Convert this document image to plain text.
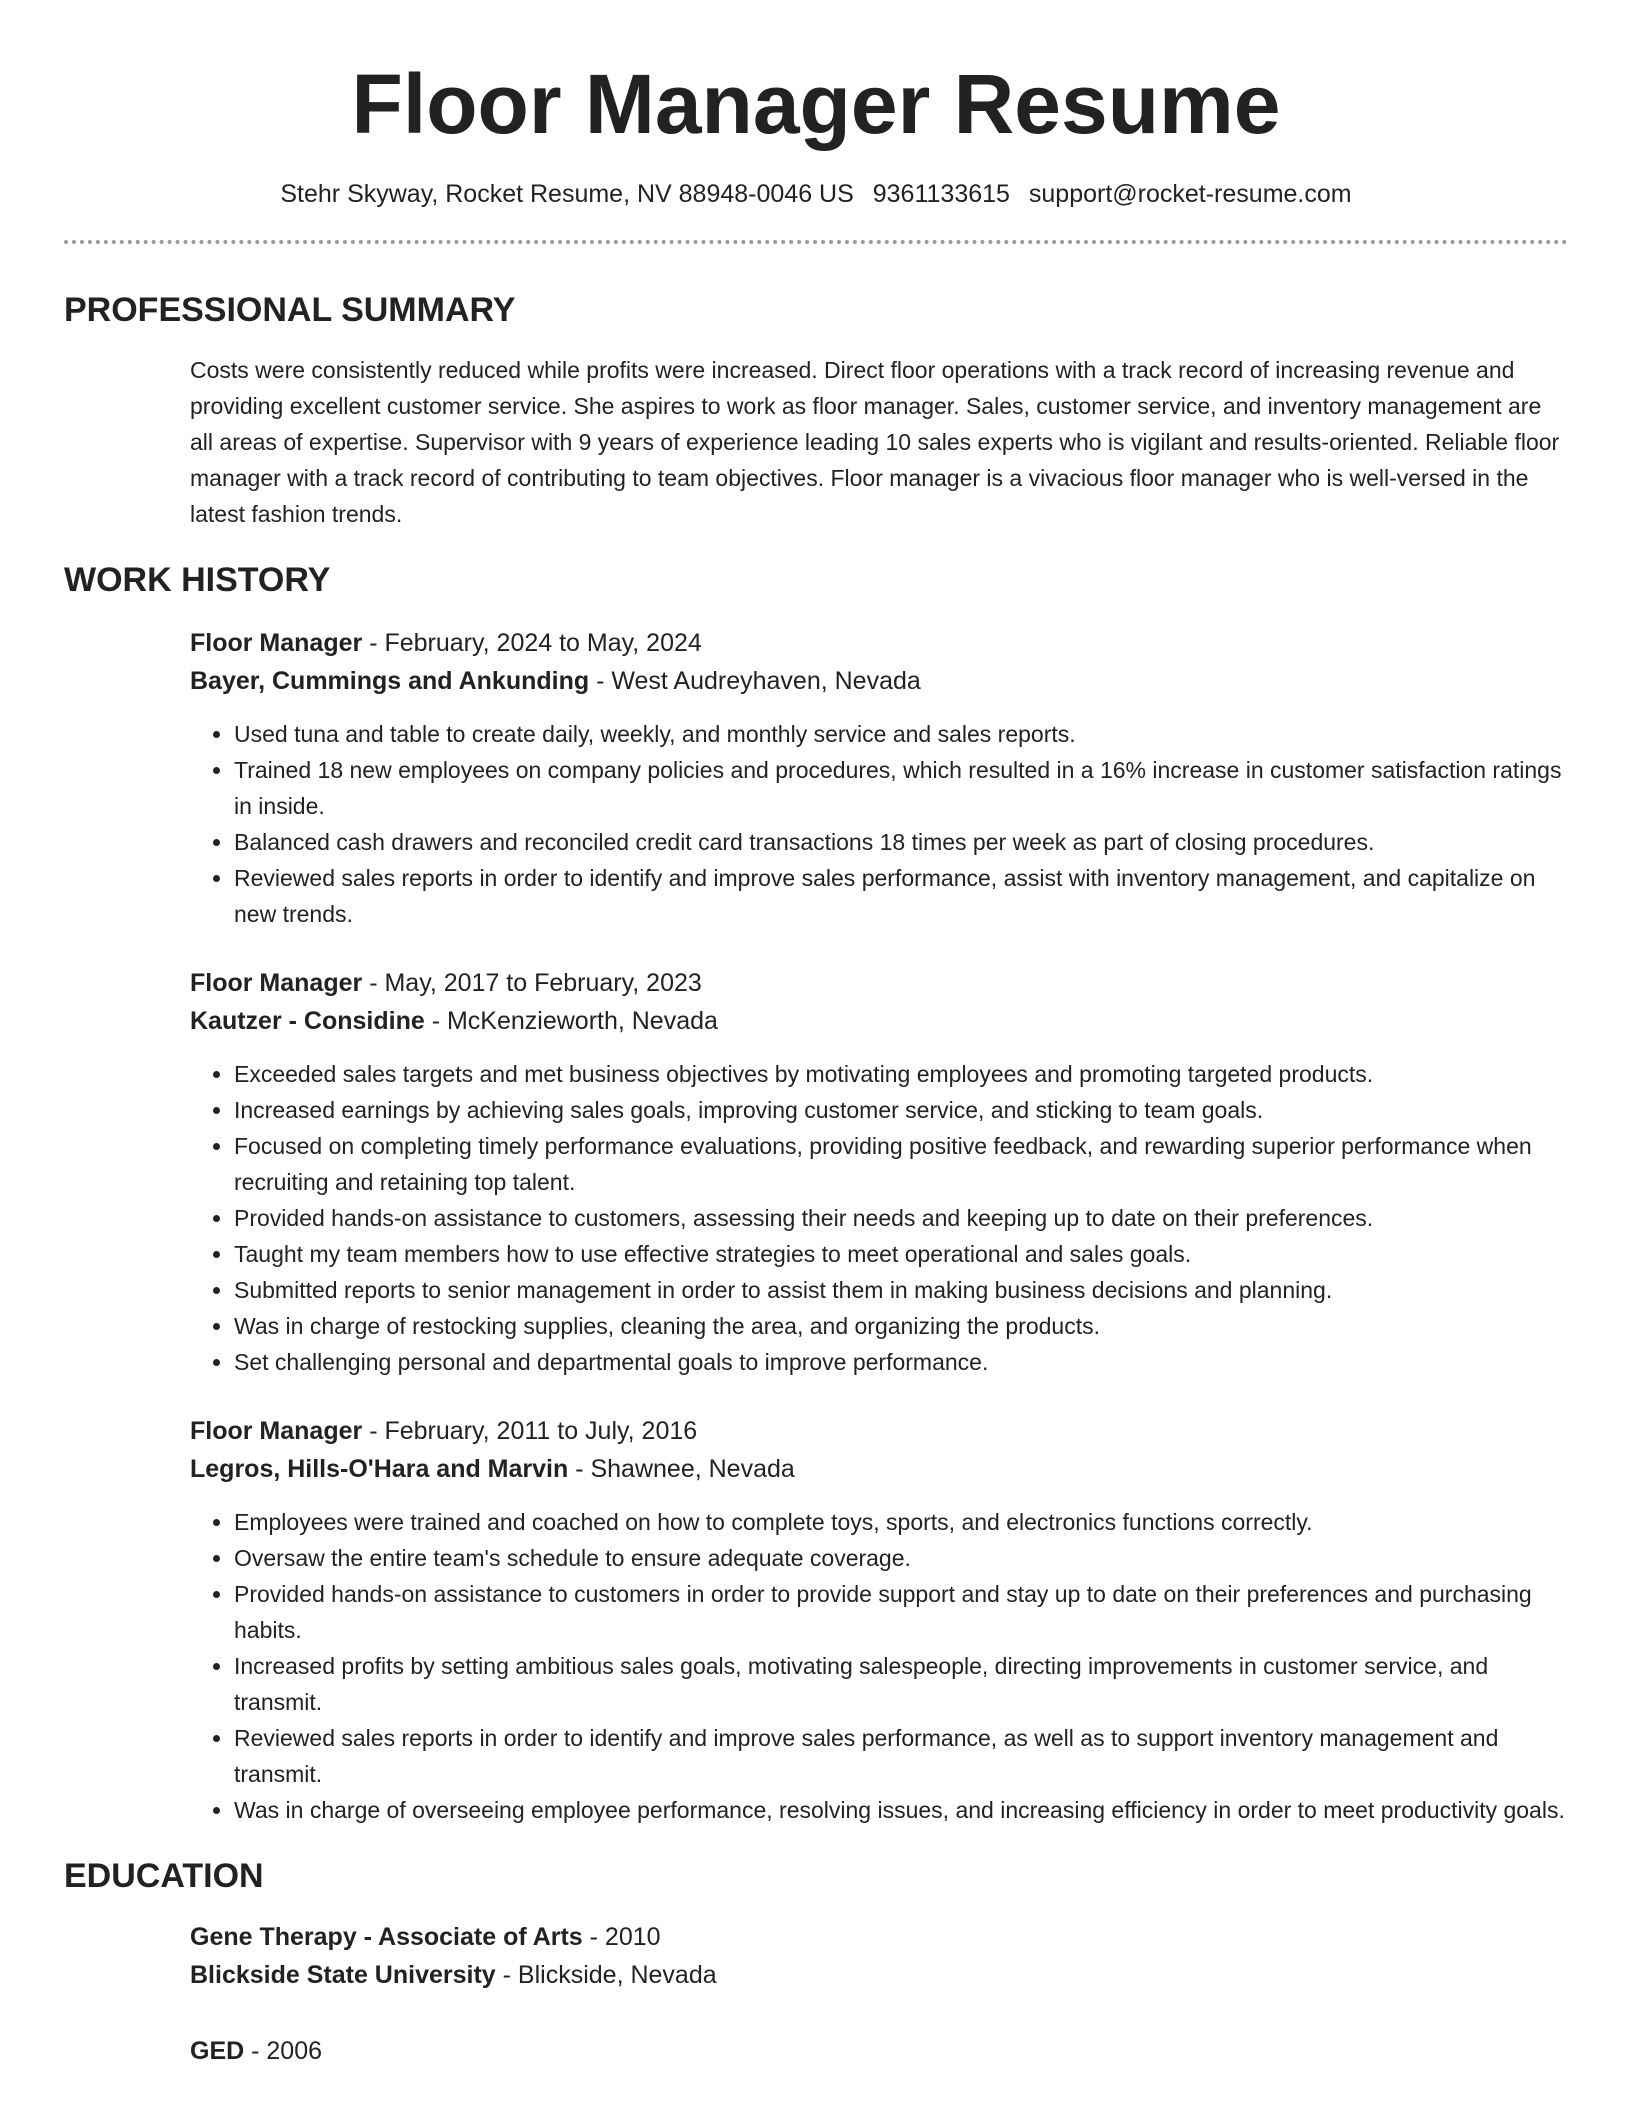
Floor Manager Resume
Stehr Skyway, Rocket Resume, NV 88948-0046 US 9361133615 support@rocket-resume.com
PROFESSIONAL SUMMARY

Costs were consistently reduced while profits were increased. Direct floor operations with a track record of increasing revenue and providing excellent customer service. She aspires to work as floor manager. Sales, customer service, and inventory management are all areas of expertise. Supervisor with 9 years of experience leading 10 sales experts who is vigilant and results-oriented. Reliable floor manager with a track record of contributing to team objectives. Floor manager is a vivacious floor manager who is well-versed in the latest fashion trends.

WORK HISTORY
Floor Manager - February, 2024 to May, 2024
Bayer, Cummings and Ankunding - West Audreyhaven, Nevada
• Used tuna and table to create daily, weekly, and monthly service and sales reports.
• Trained 18 new employees on company policies and procedures, which resulted in a 16% increase in customer satisfaction ratings in inside.
• Balanced cash drawers and reconciled credit card transactions 18 times per week as part of closing procedures.
• Reviewed sales reports in order to identify and improve sales performance, assist with inventory management, and capitalize on new trends.
Floor Manager - May, 2017 to February, 2023
Kautzer - Considine - McKenzieworth, Nevada
• Exceeded sales targets and met business objectives by motivating employees and promoting targeted products.
• Increased earnings by achieving sales goals, improving customer service, and sticking to team goals.
• Focused on completing timely performance evaluations, providing positive feedback, and rewarding superior performance when recruiting and retaining top talent.
• Provided hands-on assistance to customers, assessing their needs and keeping up to date on their preferences.
• Taught my team members how to use effective strategies to meet operational and sales goals.
• Submitted reports to senior management in order to assist them in making business decisions and planning.
• Was in charge of restocking supplies, cleaning the area, and organizing the products.
• Set challenging personal and departmental goals to improve performance.
Floor Manager - February, 2011 to July, 2016
Legros, Hills-O'Hara and Marvin - Shawnee, Nevada
• Employees were trained and coached on how to complete toys, sports, and electronics functions correctly.
• Oversaw the entire team's schedule to ensure adequate coverage.
• Provided hands-on assistance to customers in order to provide support and stay up to date on their preferences and purchasing habits.
• Increased profits by setting ambitious sales goals, motivating salespeople, directing improvements in customer service, and transmit.
• Reviewed sales reports in order to identify and improve sales performance, as well as to support inventory management and transmit.
• Was in charge of overseeing employee performance, resolving issues, and increasing efficiency in order to meet productivity goals.
EDUCATION
Gene Therapy - Associate of Arts - 2010
Blickside State University - Blickside, Nevada
GED - 2006
